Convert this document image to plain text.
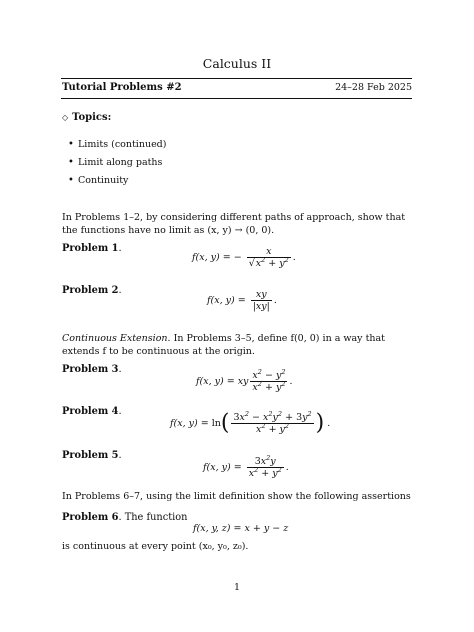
Calculus II
Tutorial Problems #2	24–28 Feb 2025
◇ Topics:
• Limits (continued)
• Limit along paths
• Continuity
In Problems 1–2, by considering different paths of approach, show that the functions have no limit as (x, y) → (0, 0).
Problem 1.
f(x, y) = − $\frac{x}{√x^2 + y^2}$ .
Problem 2.
f(x, $y) = \frac{xy}{|xy|}$ .
Continuous Extension. In Problems 3–5, define f(0, 0) in a way that extends f to be continuous at the origin.
Problem 3.
f(x, y) = xy $\frac{x^2 - y^2}{x^2 + y^2}$ .
Problem 4.
f(x, $y) = \ln( \frac{3x^2 - x^2y^2 + 3y^2}{x^2 + y^2}$ ) .
Problem 5.
f(x, $y) = \frac{3x^2y}{x^2 + y^2}$ .
In Problems 6–7, using the limit definition show the following assertions
Problem 6. The function
f(x, y, z) = x + y − z
is continuous at every point (x₀, y₀, z₀).
1
